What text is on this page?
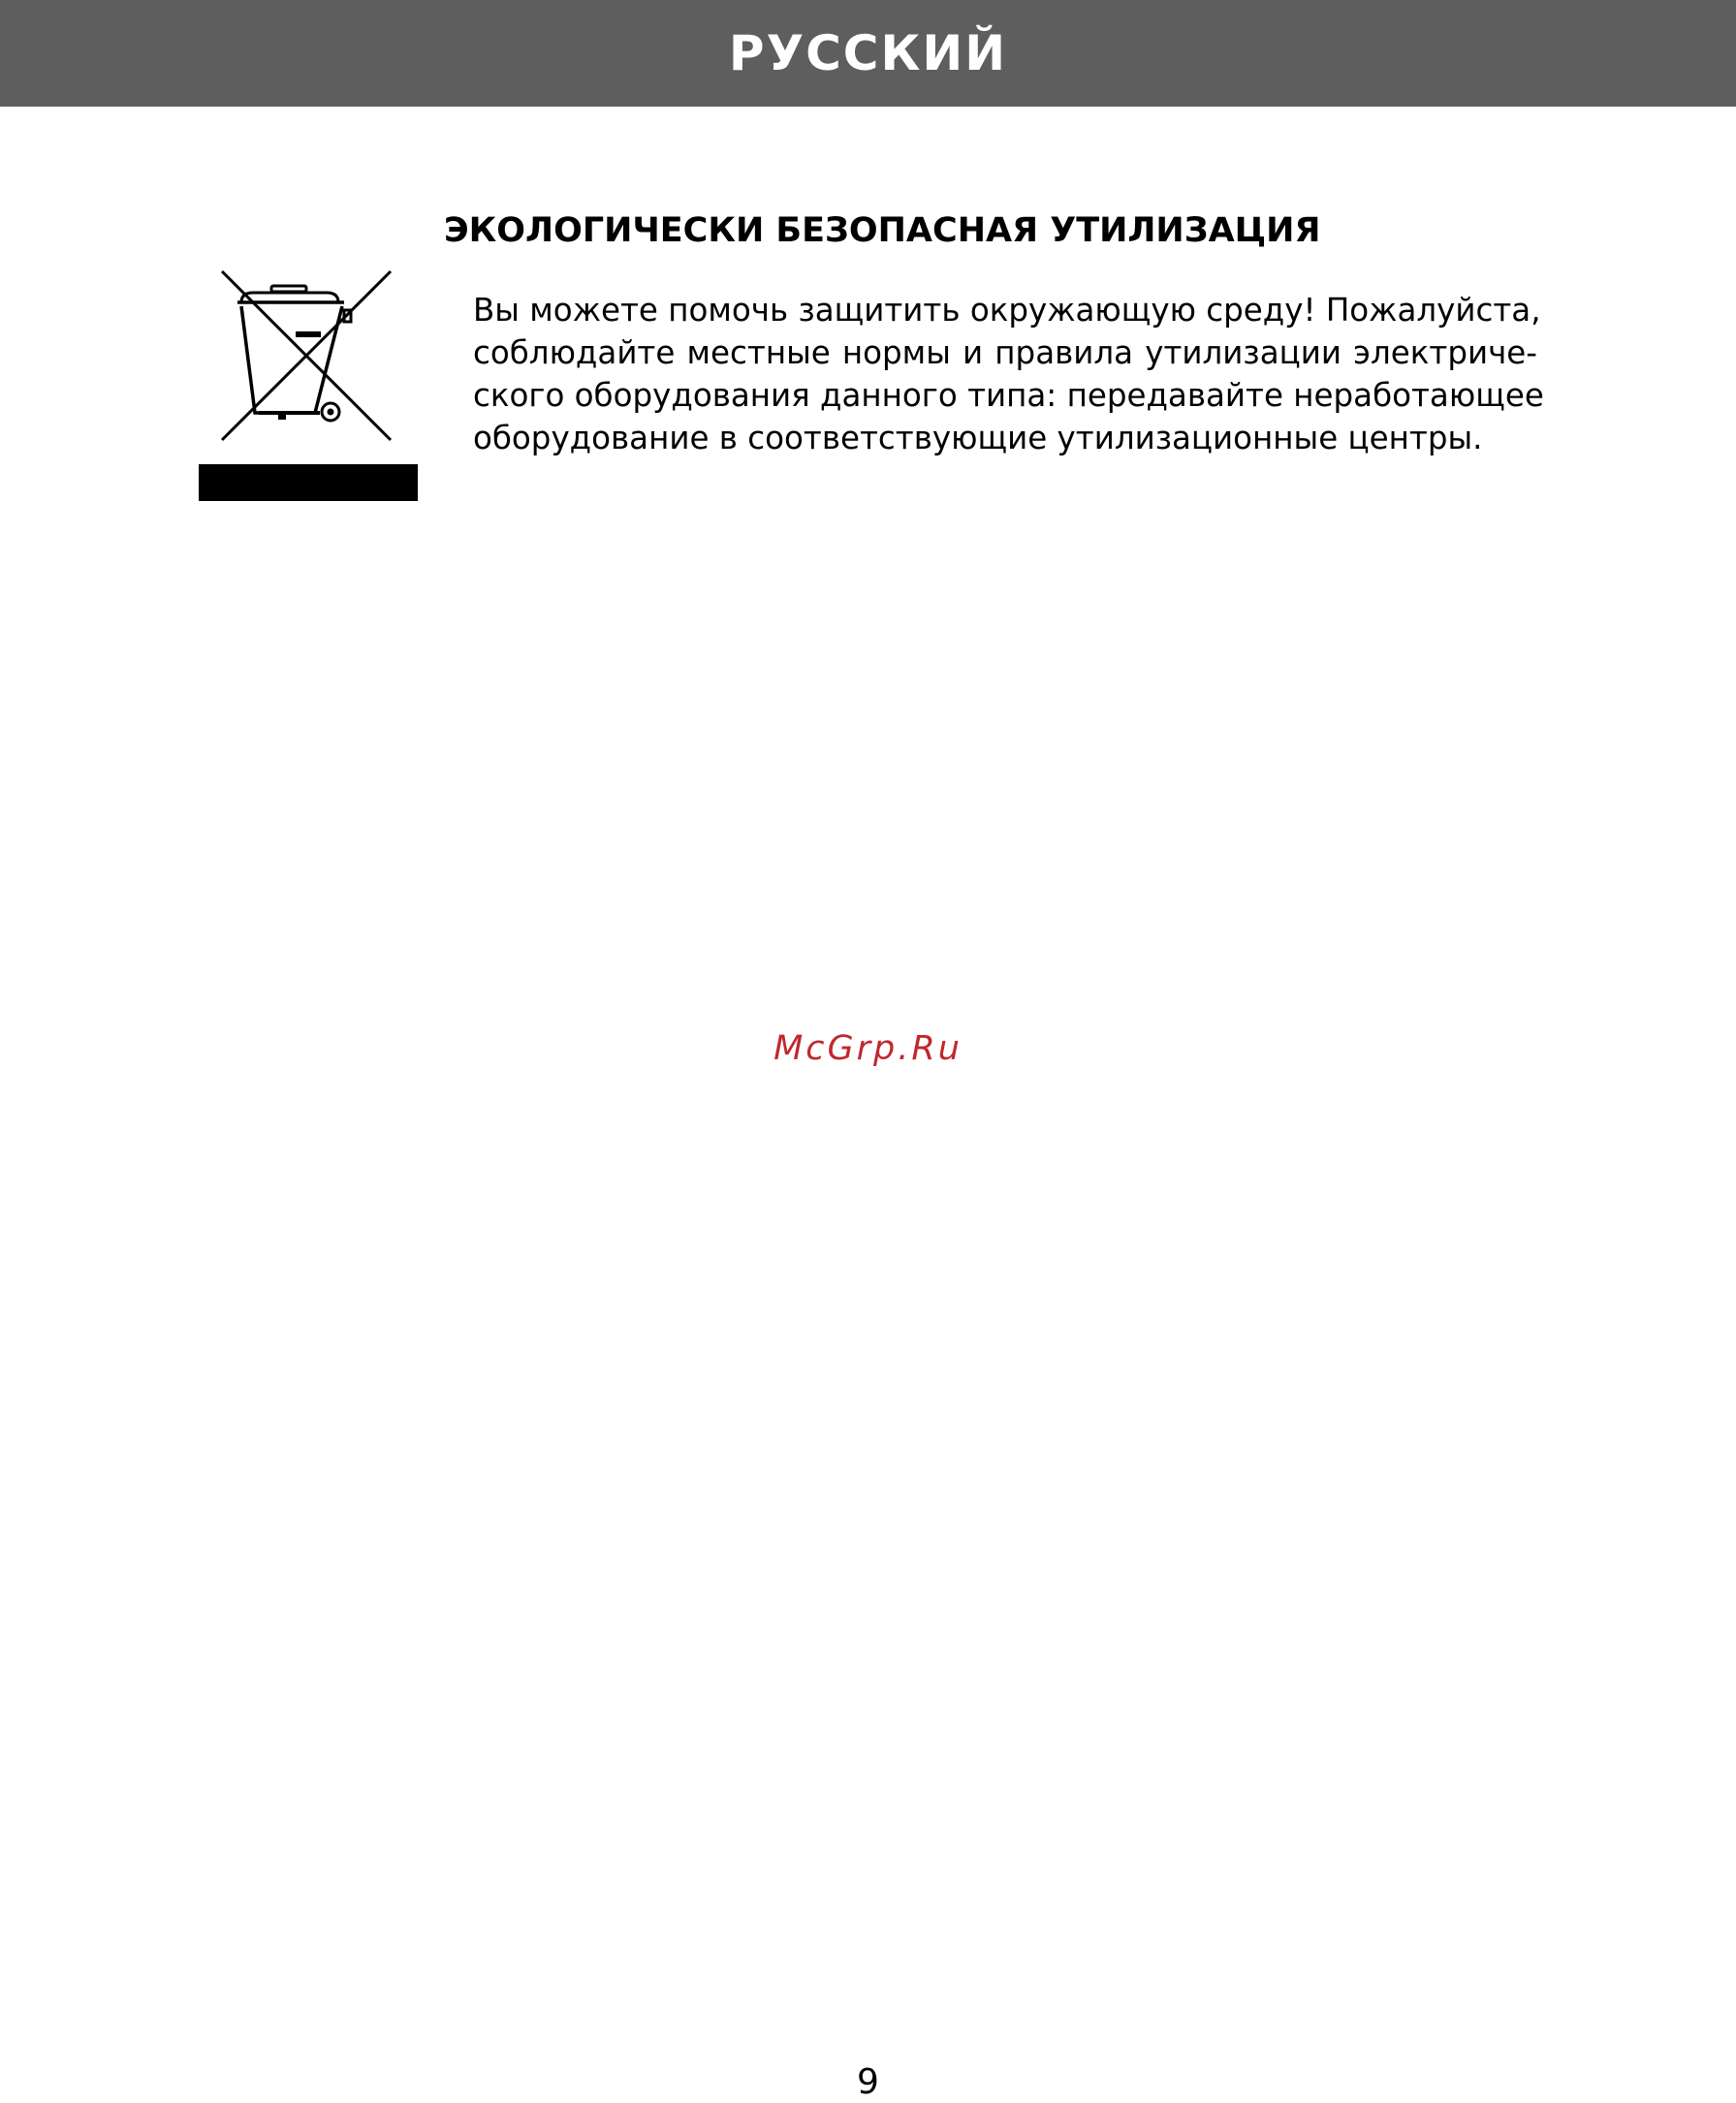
РУССКИЙ
ЭКОЛОГИЧЕСКИ БЕЗОПАСНАЯ УТИЛИЗАЦИЯ
Вы можете помочь защитить окружающую среду! Пожалуйста,
соблюдайте местные нормы и правила утилизации электриче-
ского оборудования данного типа: передавайте неработающее
оборудование в соответствующие утилизационные центры.
McGrp.Ru
9
